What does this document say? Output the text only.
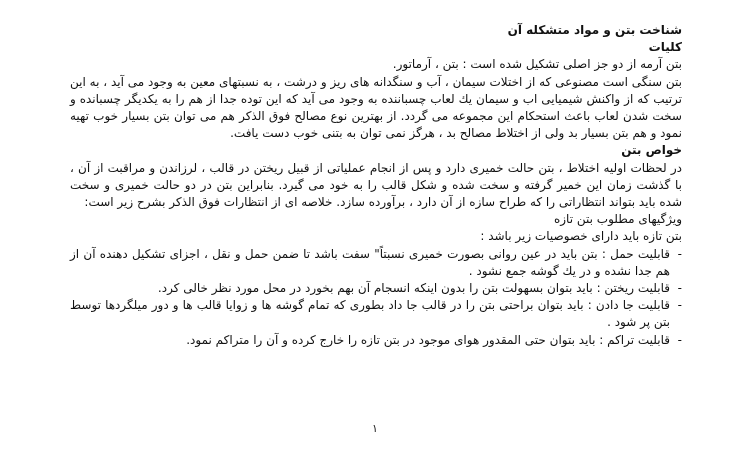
شناخت بتن و مواد متشکله آن
کلیات
بتن آرمه از دو جز اصلی تشکیل شده است : بتن ، آرماتور.
بتن سنگی است مصنوعی که از اختلات سیمان ، آب و سنگدانه های ریز و درشت ، به نسبتهای معین به وجود می آید ، به این ترتیب که از واکنش شیمیایی اب و سیمان یك لعاب چسباننده به وجود می آید که این توده جدا از هم را به یکدیگر چسبانده و سخت شدن لعاب باعث استحکام این مجموعه می گردد. از بهترین نوع مصالح فوق الذکر هم می توان بتن بسیار خوب تهیه نمود و هم بتن بسیار بد ولی از اختلاط مصالح بد ، هرگز نمی توان به بتنی خوب دست یافت.
خواص بتن
در لحظات اولیه اختلاط ، بتن حالت خمیری دارد و پس از انجام عملیاتی از قبیل ریختن در قالب ، لرزاندن و مراقبت از آن ، با گذشت زمان این خمیر گرفته و سخت شده و شکل قالب را به خود می گیرد. بنابراین بتن در دو حالت خمیری و سخت شده باید بتواند انتظاراتی را که طراح سازه از آن دارد ، برآورده سازد. خلاصه ای از انتظارات فوق الذکر بشرح زیر است:
ویژگیهای مطلوب بتن تازه
بتن تازه باید دارای خصوصیات زیر باشد :
-
قابلیت حمل : بتن باید در عین روانی بصورت خمیری نسبتاً" سفت باشد تا ضمن حمل و نقل ، اجزای تشکیل دهنده آن از هم جدا نشده و در یك گوشه جمع نشود .
-
قابلیت ریختن : باید بتوان بسهولت بتن را بدون اینکه انسجام آن بهم بخورد در محل مورد نظر خالی کرد.
-
قابلیت جا دادن : باید بتوان براحتی بتن را در قالب جا داد بطوری که تمام گوشه ها و زوایا قالب ها و دور میلگردها توسط بتن پر شود .
-
قابلیت تراکم : باید بتوان حتی المقدور هوای موجود در بتن تازه را خارج کرده و آن را متراکم نمود.
۱
